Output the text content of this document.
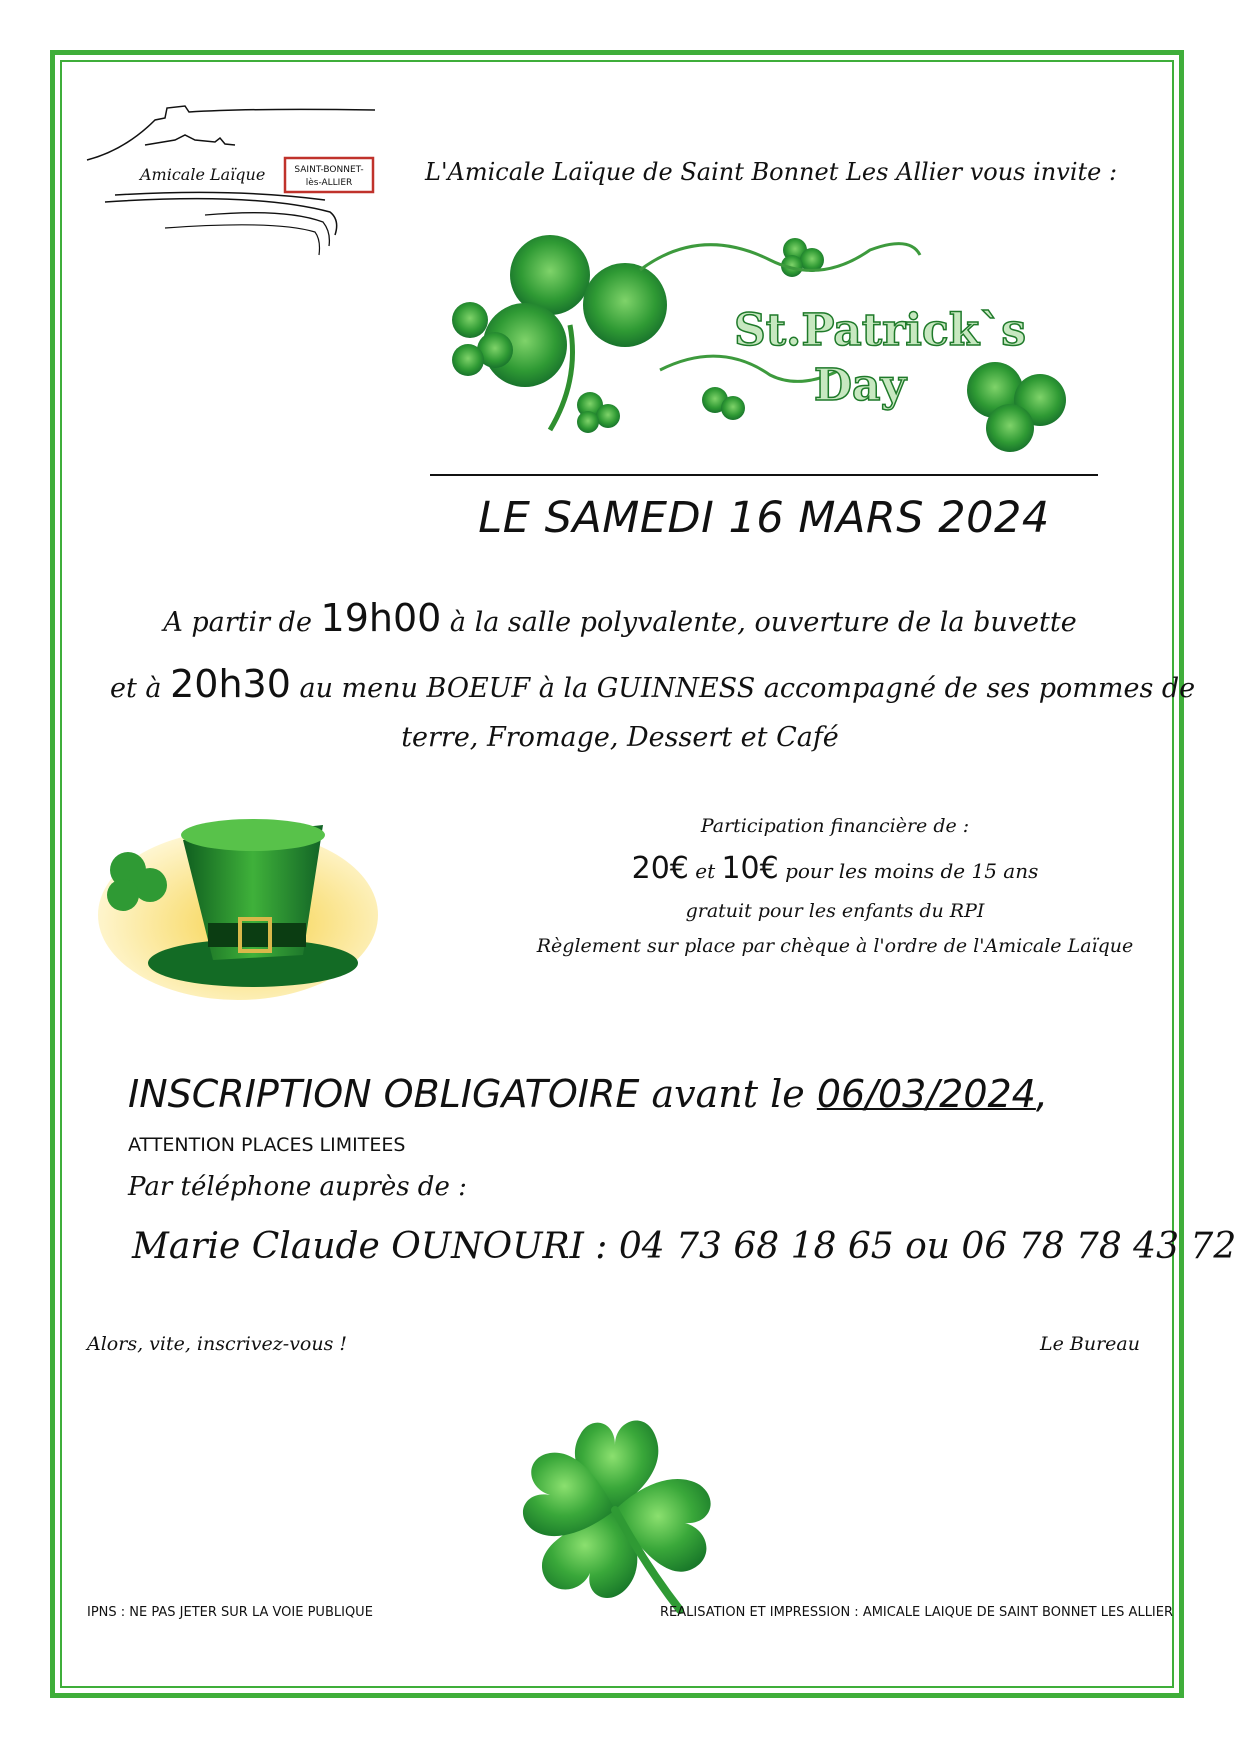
Amicale Laïque	SAINT-BONNET-
lès-ALLIER	L'Amicale Laïque de Saint Bonnet Les Allier vous invite :
St.Patrick`s
Day
LE SAMEDI 16 MARS 2024
A partir de 19h00 à la salle polyvalente, ouverture de la buvette
et à 20h30 au menu BOEUF à la GUINNESS accompagné de ses pommes de
terre, Fromage, Dessert et Café
Participation financière de :
20€ et 10€ pour les moins de 15 ans
gratuit pour les enfants du RPI
Règlement sur place par chèque à l'ordre de l'Amicale Laïque
INSCRIPTION OBLIGATOIRE avant le 06/03/2024,
ATTENTION PLACES LIMITEES
Par téléphone auprès de :
Marie Claude OUNOURI : 04 73 68 18 65 ou 06 78 78 43 72
Alors, vite, inscrivez-vous !	Le Bureau
IPNS : NE PAS JETER SUR LA VOIE PUBLIQUE	REALISATION ET IMPRESSION : AMICALE LAIQUE DE SAINT BONNET LES ALLIER
